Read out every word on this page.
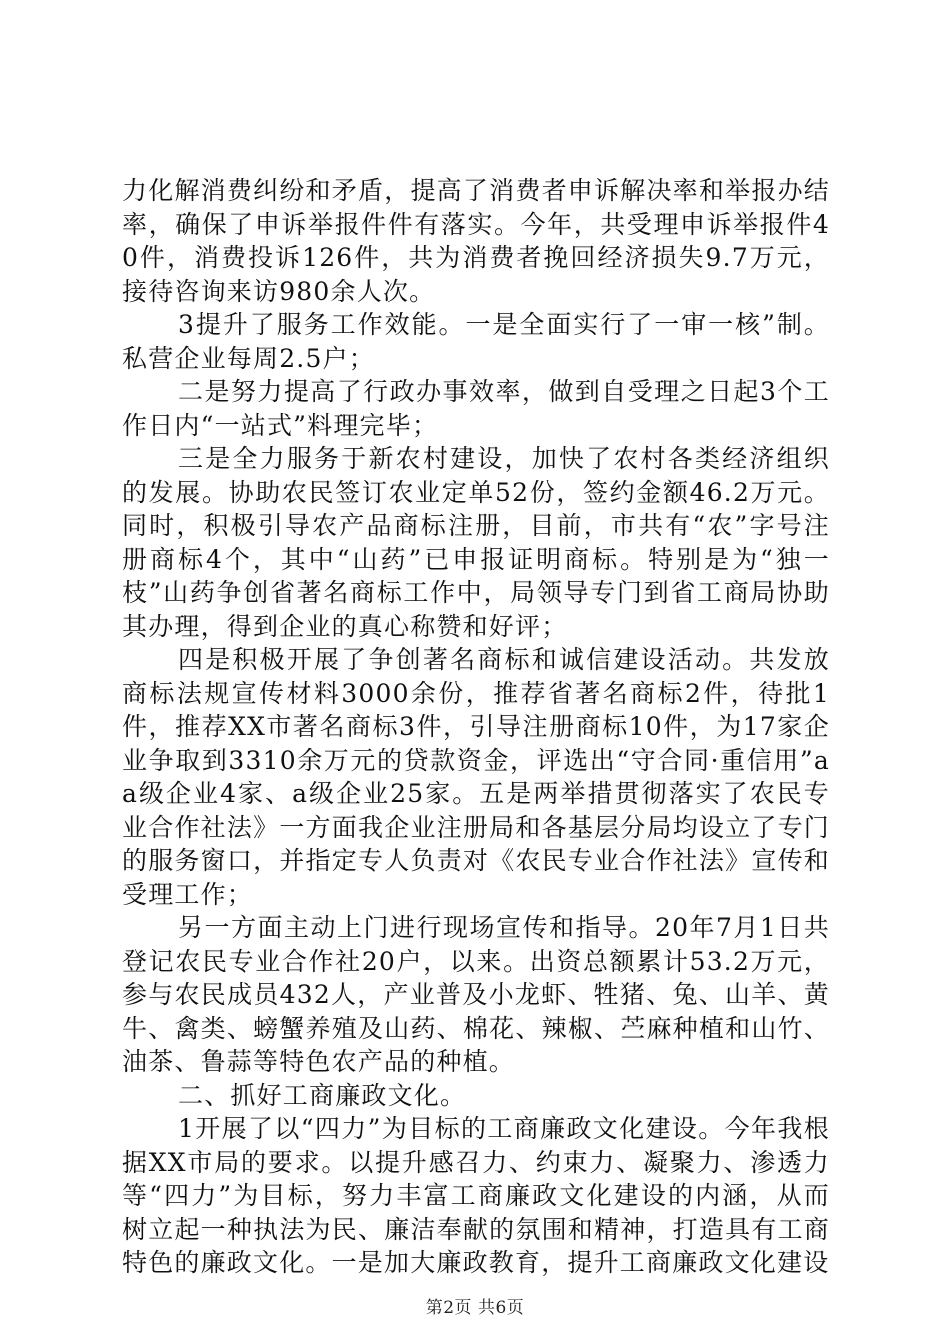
力化解消费纠纷和矛盾，提高了消费者申诉解决率和举报办结率，确保了申诉举报件件有落实。今年，共受理申诉举报件40件，消费投诉126件，共为消费者挽回经济损失9.7万元，接待咨询来访980余人次。

3提升了服务工作效能。一是全面实行了一审一核”制。私营企业每周2.5户；

二是努力提高了行政办事效率，做到自受理之日起3个工作日内“一站式”料理完毕；

三是全力服务于新农村建设，加快了农村各类经济组织的发展。协助农民签订农业定单52份，签约金额46.2万元。同时，积极引导农产品商标注册，目前，市共有“农”字号注册商标4个，其中“山药”已申报证明商标。特别是为“独一枝”山药争创省著名商标工作中，局领导专门到省工商局协助其办理，得到企业的真心称赞和好评；

四是积极开展了争创著名商标和诚信建设活动。共发放商标法规宣传材料3000余份，推荐省著名商标2件，待批1件，推荐XX市著名商标3件，引导注册商标10件，为17家企业争取到3310余万元的贷款资金，评选出“守合同·重信用”aa级企业4家、a级企业25家。五是两举措贯彻落实了农民专业合作社法》一方面我企业注册局和各基层分局均设立了专门的服务窗口，并指定专人负责对《农民专业合作社法》宣传和受理工作；

另一方面主动上门进行现场宣传和指导。20年7月1日共登记农民专业合作社20户，以来。出资总额累计53.2万元，参与农民成员432人，产业普及小龙虾、牲猪、兔、山羊、黄牛、禽类、螃蟹养殖及山药、棉花、辣椒、苎麻种植和山竹、油茶、鲁蒜等特色农产品的种植。

二、抓好工商廉政文化。

1开展了以“四力”为目标的工商廉政文化建设。今年我根据XX市局的要求。以提升感召力、约束力、凝聚力、渗透力等“四力”为目标，努力丰富工商廉政文化建设的内涵，从而树立起一种执法为民、廉洁奉献的氛围和精神，打造具有工商特色的廉政文化。一是加大廉政教育，提升工商廉政文化建设

第2页 共6页
